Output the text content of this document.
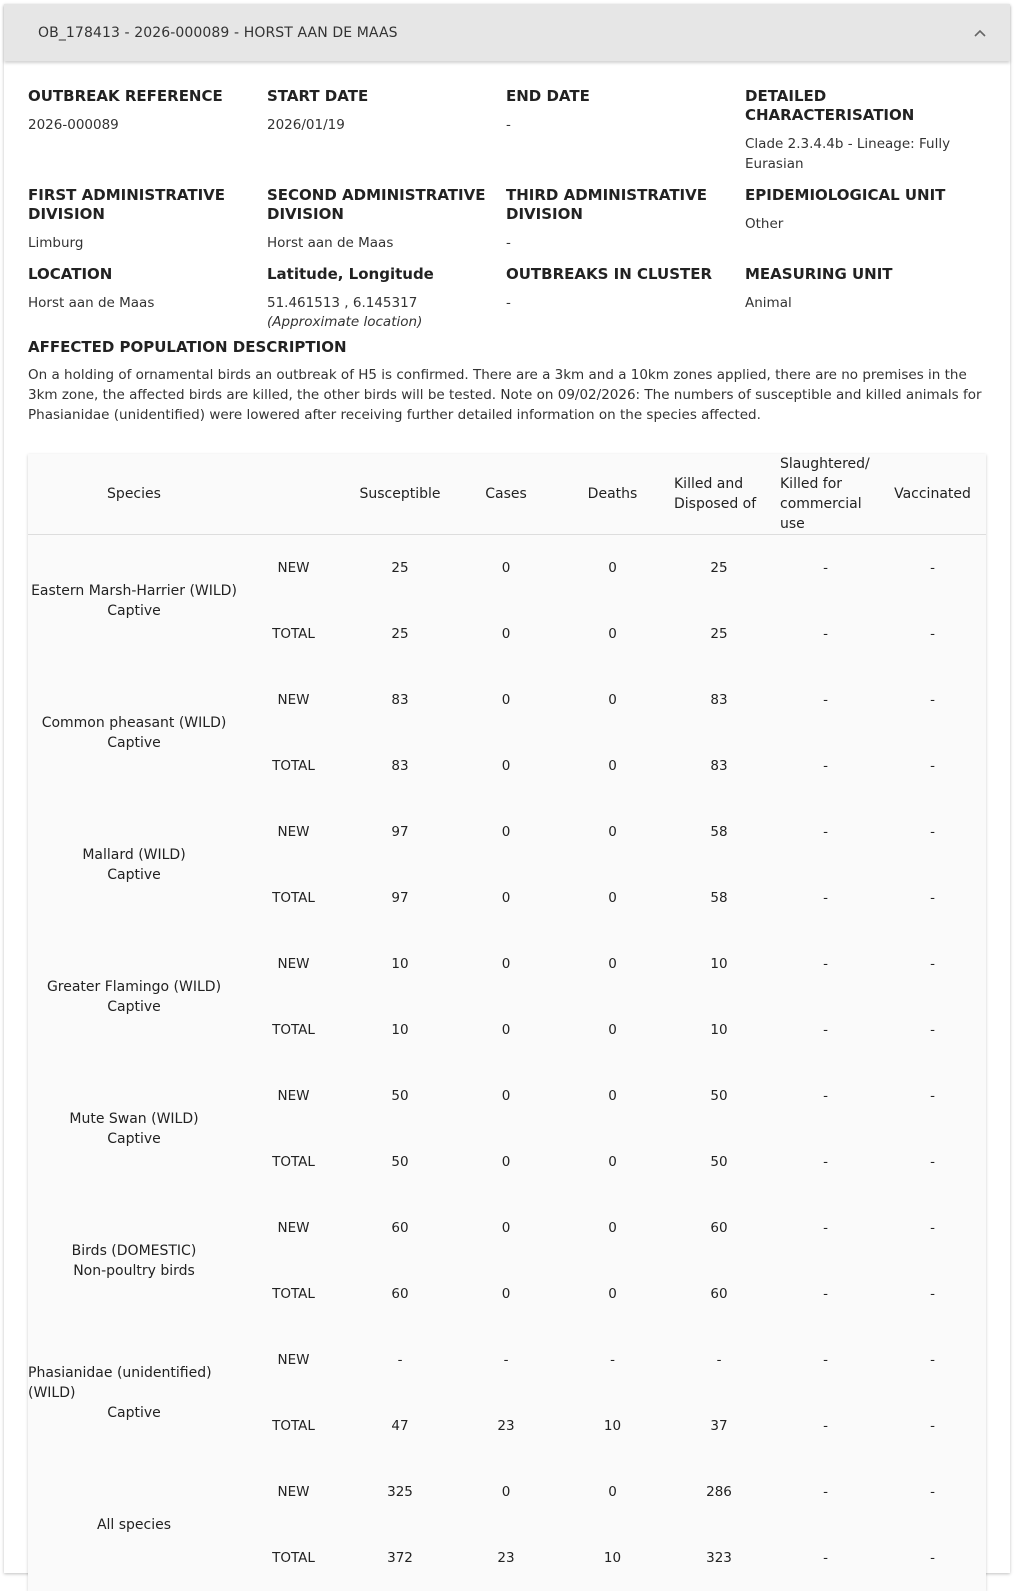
OB_178413 - 2026-000089 - HORST AAN DE MAAS
OUTBREAK REFERENCE
2026-000089
START DATE
2026/01/19
END DATE
-
DETAILED CHARACTERISATION
Clade 2.3.4.4b - Lineage: Fully Eurasian
FIRST ADMINISTRATIVE DIVISION
Limburg
SECOND ADMINISTRATIVE DIVISION
Horst aan de Maas
THIRD ADMINISTRATIVE DIVISION
-
EPIDEMIOLOGICAL UNIT
Other
LOCATION
Horst aan de Maas
Latitude, Longitude
51.461513 , 6.145317
(Approximate location)
OUTBREAKS IN CLUSTER
-
MEASURING UNIT
Animal
AFFECTED POPULATION DESCRIPTION
On a holding of ornamental birds an outbreak of H5 is confirmed. There are a 3km and a 10km zones applied, there are no premises in the 3km zone, the affected birds are killed, the other birds will be tested. Note on 09/02/2026: The numbers of susceptible and killed animals for Phasianidae (unidentified) were lowered after receiving further detailed information on the species affected.
Species		Susceptible	Cases	Deaths	Killed and Disposed of	Slaughtered/ Killed for commercial use	Vaccinated
Eastern Marsh-Harrier (WILD)
Captive	NEW	25	0	0	25	-	-
	TOTAL	25	0	0	25	-	-
Common pheasant (WILD)
Captive	NEW	83	0	0	83	-	-
	TOTAL	83	0	0	83	-	-
Mallard (WILD)
Captive	NEW	97	0	0	58	-	-
	TOTAL	97	0	0	58	-	-
Greater Flamingo (WILD)
Captive	NEW	10	0	0	10	-	-
	TOTAL	10	0	0	10	-	-
Mute Swan (WILD)
Captive	NEW	50	0	0	50	-	-
	TOTAL	50	0	0	50	-	-
Birds (DOMESTIC)
Non-poultry birds	NEW	60	0	0	60	-	-
	TOTAL	60	0	0	60	-	-
Phasianidae (unidentified) (WILD)
Captive	NEW	-	-	-	-	-	-
	TOTAL	47	23	10	37	-	-
All species	NEW	325	0	0	286	-	-
	TOTAL	372	23	10	323	-	-
